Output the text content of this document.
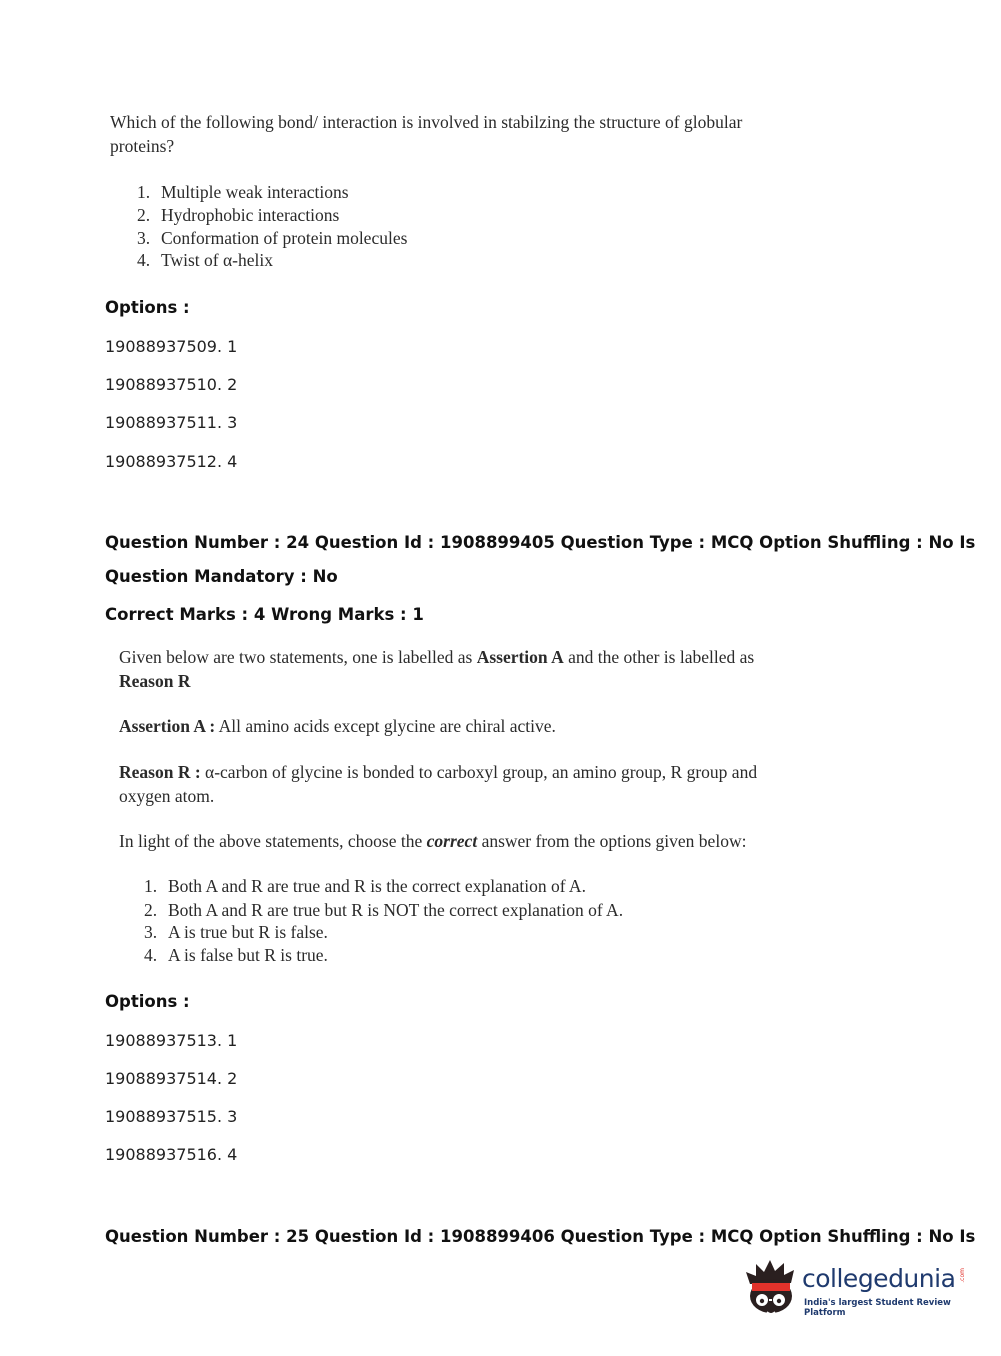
Which of the following bond/ interaction is involved in stabilzing the structure of globular
proteins?
1. Multiple weak interactions
2. Hydrophobic interactions
3. Conformation of protein molecules
4. Twist of α-helix
Options :
19088937509. 1
19088937510. 2
19088937511. 3
19088937512. 4
Question Number : 24 Question Id : 1908899405 Question Type : MCQ Option Shuffling : No Is
Question Mandatory : No
Correct Marks : 4 Wrong Marks : 1
Given below are two statements, one is labelled as Assertion A and the other is labelled as
Reason R
Assertion A : All amino acids except glycine are chiral active.
Reason R : α-carbon of glycine is bonded to carboxyl group, an amino group, R group and
oxygen atom.
In light of the above statements, choose the correct answer from the options given below:
1. Both A and R are true and R is the correct explanation of A.
2. Both A and R are true but R is NOT the correct explanation of A.
3. A is true but R is false.
4. A is false but R is true.
Options :
19088937513. 1
19088937514. 2
19088937515. 3
19088937516. 4
Question Number : 25 Question Id : 1908899406 Question Type : MCQ Option Shuffling : No Is
collegedunia .com
India's largest Student Review Platform
